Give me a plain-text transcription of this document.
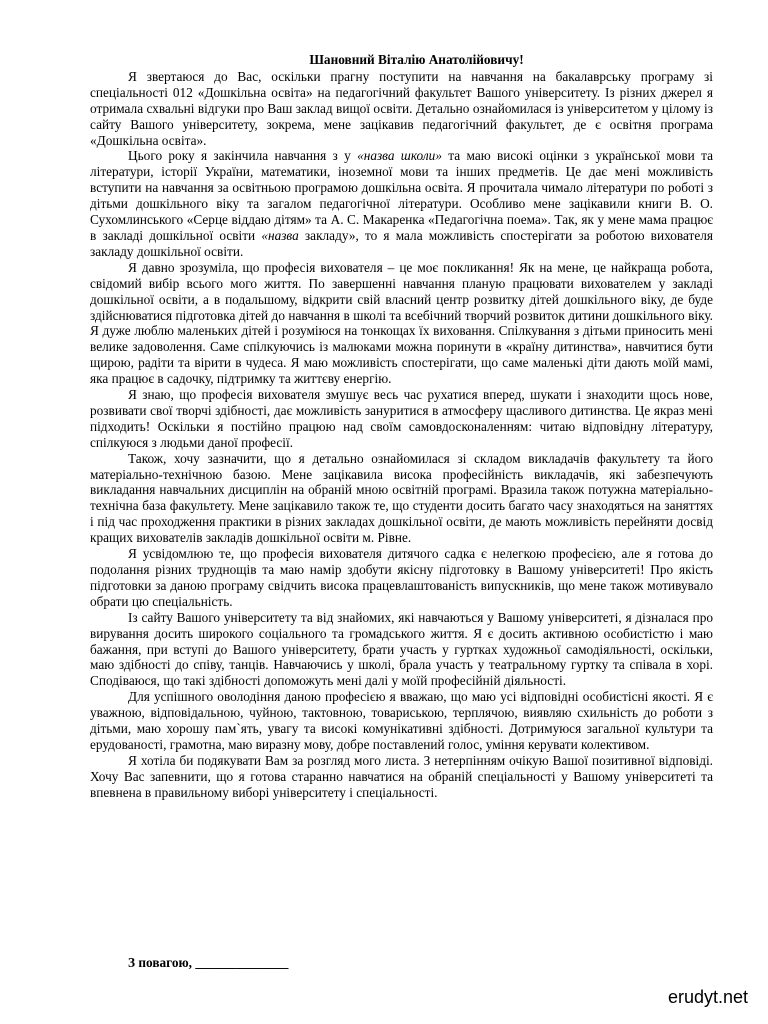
Шановний Віталію Анатолійовичу!

Я звертаюся до Вас, оскільки прагну поступити на навчання на бакалаврську програму зі спеціальності 012 «Дошкільна освіта» на педагогічний факультет Вашого університету. Із різних джерел я отримала схвальні відгуки про Ваш заклад вищої освіти. Детально ознайомилася із університетом у цілому із сайту Вашого університету, зокрема, мене зацікавив педагогічний факультет, де є освітня програма «Дошкільна освіта».

Цього року я закінчила навчання з у «назва школи» та маю високі оцінки з української мови та літератури, історії України, математики, іноземної мови та інших предметів. Це дає мені можливість вступити на навчання за освітньою програмою дошкільна освіта. Я прочитала чимало літератури по роботі з дітьми дошкільного віку та загалом педагогічної літератури. Особливо мене зацікавили книги В. О. Сухомлинського «Серце віддаю дітям» та А. С. Макаренка «Педагогічна поема». Так, як у мене мама працює в закладі дошкільної освіти «назва закладу», то я мала можливість спостерігати за роботою вихователя закладу дошкільної освіти.

Я давно зрозуміла, що професія вихователя – це моє покликання! Як на мене, це найкраща робота, свідомий вибір всього мого життя. По завершенні навчання планую працювати вихователем у закладі дошкільної освіти, а в подальшому, відкрити свій власний центр розвитку дітей дошкільного віку, де буде здійснюватися підготовка дітей до навчання в школі та всебічний творчий розвиток дитини дошкільного віку. Я дуже люблю маленьких дітей і розуміюся на тонкощах їх виховання. Спілкування з дітьми приносить мені велике задоволення. Саме спілкуючись із малюками можна поринути в «країну дитинства», навчитися бути щирою, радіти та вірити в чудеса. Я маю можливість спостерігати, що саме маленькі діти дають моїй мамі, яка працює в садочку, підтримку та життєву енергію.

Я знаю, що професія вихователя змушує весь час рухатися вперед, шукати і знаходити щось нове, розвивати свої творчі здібності, дає можливість зануритися в атмосферу щасливого дитинства. Це якраз мені підходить! Оскільки я постійно працюю над своїм самовдосконаленням: читаю відповідну літературу, спілкуюся з людьми даної професії.

Також, хочу зазначити, що я детально ознайомилася зі складом викладачів факультету та його матеріально-технічною базою. Мене зацікавила висока професійність викладачів, які забезпечують викладання навчальних дисциплін на обраній мною освітній програмі. Вразила також потужна матеріально-технічна база факультету. Мене зацікавило також те, що студенти досить багато часу знаходяться на заняттях і під час проходження практики в різних закладах дошкільної освіти, де мають можливість перейняти досвід кращих вихователів закладів дошкільної освіти м. Рівне.

Я усвідомлюю те, що професія вихователя дитячого садка є нелегкою професією, але я готова до подолання різних труднощів та маю намір здобути якісну підготовку в Вашому університеті! Про якість підготовки за даною програму свідчить висока працевлаштованість випускників, що мене також мотивувало обрати цю спеціальність.

Із сайту Вашого університету та від знайомих, які навчаються у Вашому університеті, я дізналася про вирування досить широкого соціального та громадського життя. Я є досить активною особистістю і маю бажання, при вступі до Вашого університету, брати участь у гуртках художньої самодіяльності, оскільки, маю здібності до співу, танців. Навчаючись у школі, брала участь у театральному гуртку та співала в хорі. Сподіваюся, що такі здібності допоможуть мені далі у моїй професійній діяльності.

Для успішного оволодіння даною професією я вважаю, що маю усі відповідні особистісні якості. Я є уважною, відповідальною, чуйною, тактовною, товариською, терплячою, виявляю схильність до роботи з дітьми, маю хорошу пам`ять, увагу та високі комунікативні здібності. Дотримуюся загальної культури та ерудованості, грамотна, маю виразну мову, добре поставлений голос, уміння керувати колективом.

Я хотіла би подякувати Вам за розгляд мого листа. З нетерпінням очікую Вашої позитивної відповіді. Хочу Вас запевнити, що я готова старанно навчатися на обраній спеціальності у Вашому університеті та впевнена в правильному виборі університету і спеціальності.

З повагою, ______________
erudyt.net
